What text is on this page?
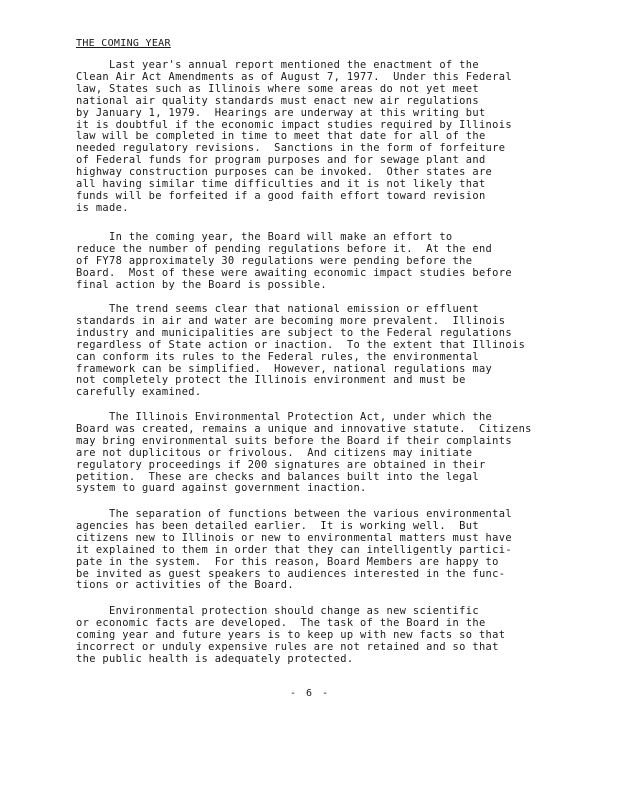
THE COMING YEAR
Last year's annual report mentioned the enactment of the
Clean Air Act Amendments as of August 7, 1977.  Under this Federal
law, States such as Illinois where some areas do not yet meet
national air quality standards must enact new air regulations
by January 1, 1979.  Hearings are underway at this writing but
it is doubtful if the economic impact studies required by Illinois
law will be completed in time to meet that date for all of the
needed regulatory revisions.  Sanctions in the form of forfeiture
of Federal funds for program purposes and for sewage plant and
highway construction purposes can be invoked.  Other states are
all having similar time difficulties and it is not likely that
funds will be forfeited if a good faith effort toward revision
is made.
In the coming year, the Board will make an effort to
reduce the number of pending regulations before it.  At the end
of FY78 approximately 30 regulations were pending before the
Board.  Most of these were awaiting economic impact studies before
final action by the Board is possible.
The trend seems clear that national emission or effluent
standards in air and water are becoming more prevalent.  Illinois
industry and municipalities are subject to the Federal regulations
regardless of State action or inaction.  To the extent that Illinois
can conform its rules to the Federal rules, the environmental
framework can be simplified.  However, national regulations may
not completely protect the Illinois environment and must be
carefully examined.
The Illinois Environmental Protection Act, under which the
Board was created, remains a unique and innovative statute.  Citizens
may bring environmental suits before the Board if their complaints
are not duplicitous or frivolous.  And citizens may initiate
regulatory proceedings if 200 signatures are obtained in their
petition.  These are checks and balances built into the legal
system to guard against government inaction.
The separation of functions between the various environmental
agencies has been detailed earlier.  It is working well.  But
citizens new to Illinois or new to environmental matters must have
it explained to them in order that they can intelligently partici-
pate in the system.  For this reason, Board Members are happy to
be invited as guest speakers to audiences interested in the func-
tions or activities of the Board.
Environmental protection should change as new scientific
or economic facts are developed.  The task of the Board in the
coming year and future years is to keep up with new facts so that
incorrect or unduly expensive rules are not retained and so that
the public health is adequately protected.
- 6 -
